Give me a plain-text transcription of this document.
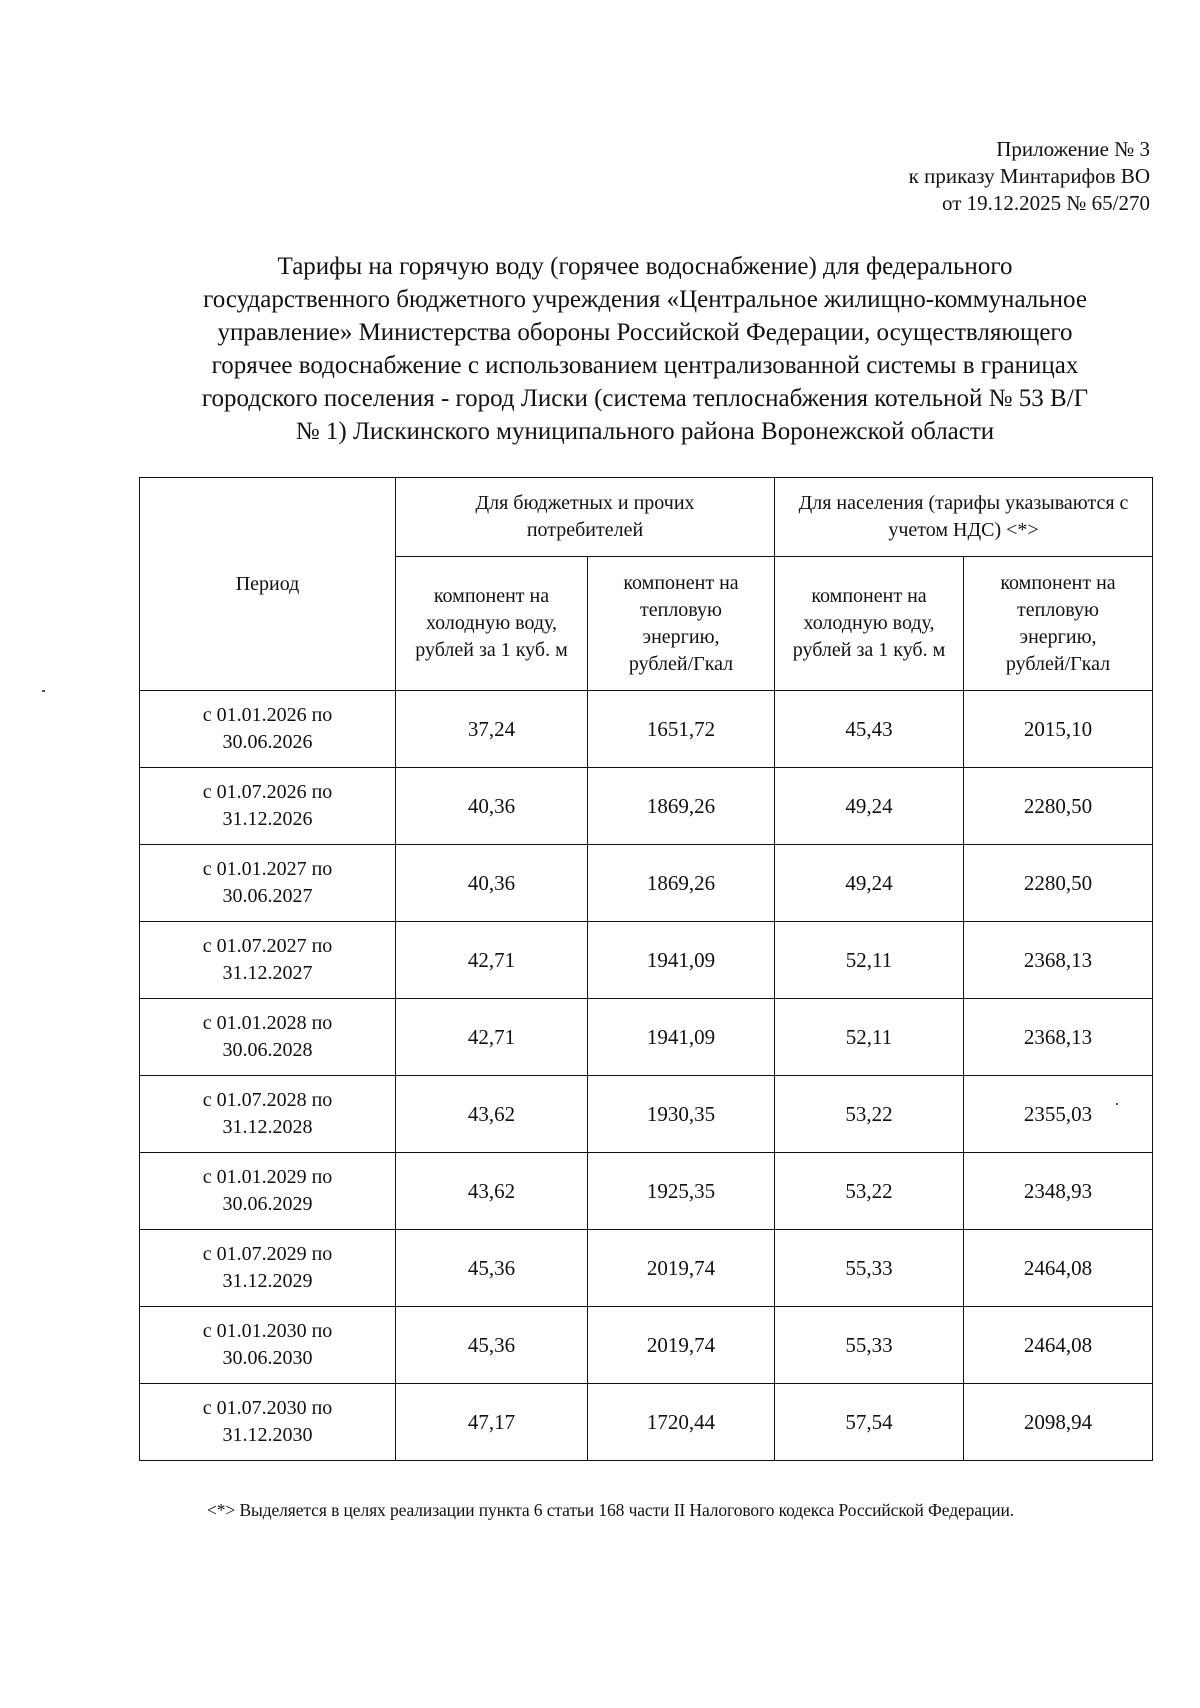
Приложение № 3
к приказу Минтарифов ВО
от 19.12.2025 № 65/270
Тарифы на горячую воду (горячее водоснабжение) для федерального
государственного бюджетного учреждения «Центральное жилищно-коммунальное
управление» Министерства обороны Российской Федерации, осуществляющего
горячее водоснабжение с использованием централизованной системы в границах
городского поселения - город Лиски (система теплоснабжения котельной № 53 В/Г
№ 1) Лискинского муниципального района Воронежской области
Период	Для бюджетных и прочих потребителей		Для населения (тарифы указываются с учетом НДС) <*>	
	компонент на холодную воду, рублей за 1 куб. м	компонент на тепловую энергию, рублей/Гкал	компонент на холодную воду, рублей за 1 куб. м	компонент на тепловую энергию, рублей/Гкал

с 01.01.2026 по
30.06.2026	37,24	1651,72	45,43	2015,10

с 01.07.2026 по
31.12.2026	40,36	1869,26	49,24	2280,50

с 01.01.2027 по
30.06.2027	40,36	1869,26	49,24	2280,50

с 01.07.2027 по
31.12.2027	42,71	1941,09	52,11	2368,13

с 01.01.2028 по
30.06.2028	42,71	1941,09	52,11	2368,13

с 01.07.2028 по
31.12.2028	43,62	1930,35	53,22	2355,03

с 01.01.2029 по
30.06.2029	43,62	1925,35	53,22	2348,93

с 01.07.2029 по
31.12.2029	45,36	2019,74	55,33	2464,08

с 01.01.2030 по
30.06.2030	45,36	2019,74	55,33	2464,08

с 01.07.2030 по
31.12.2030	47,17	1720,44	57,54	2098,94
<*> Выделяется в целях реализации пункта 6 статьи 168 части II Налогового кодекса Российской Федерации.
